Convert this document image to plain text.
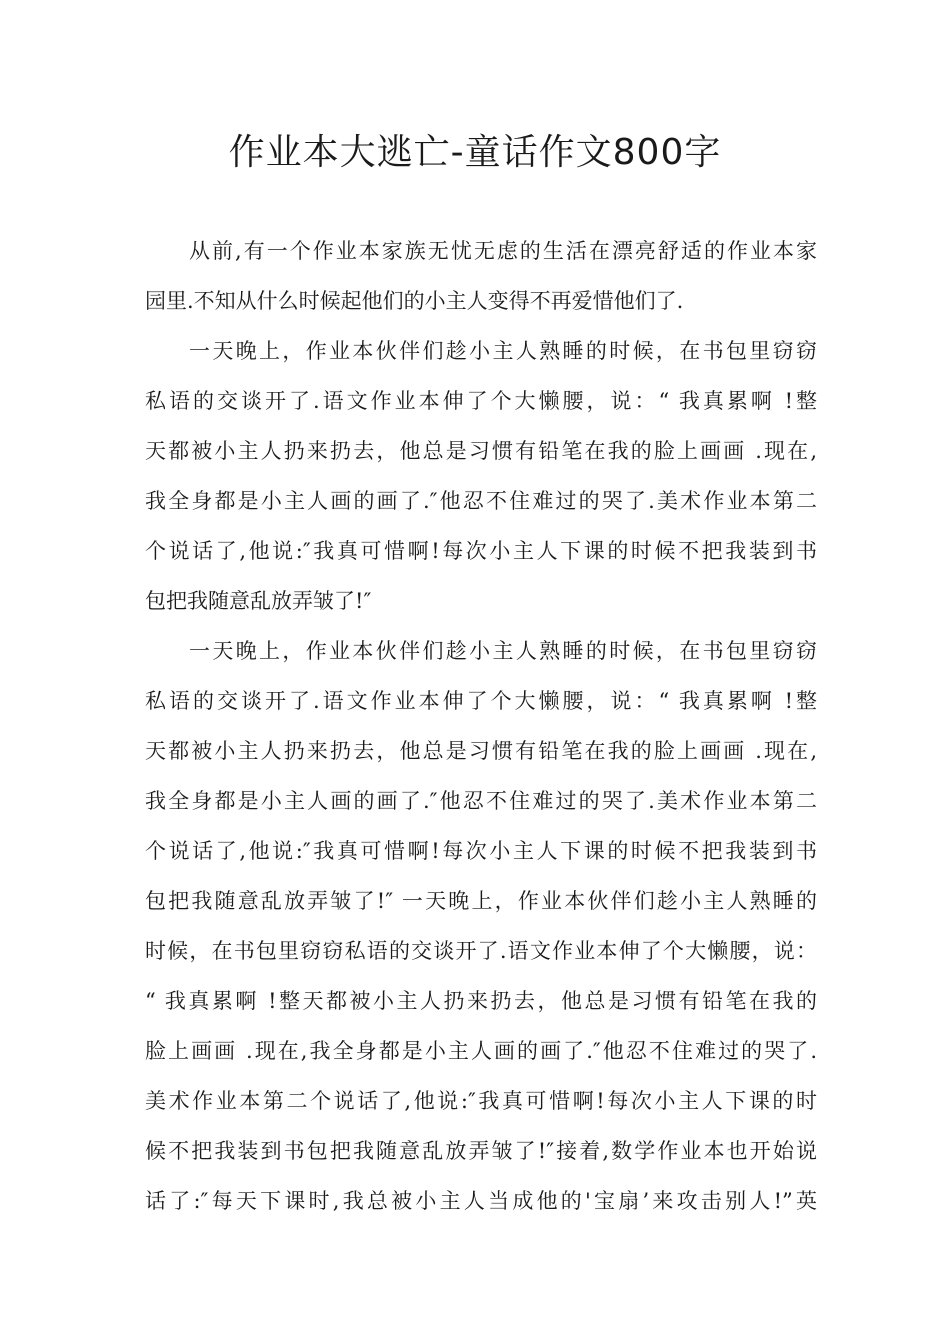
作业本大逃亡-童话作文800字
从前,有一个作业本家族无忧无虑的生活在漂亮舒适的作业本家
园里.不知从什么时候起他们的小主人变得不再爱惜他们了.
一天晚上，作业本伙伴们趁小主人熟睡的时候，在书包里窃窃
私语的交谈开了.语文作业本伸了个大懒腰，说：“ 我真累啊 !整
天都被小主人扔来扔去，他总是习惯有铅笔在我的脸上画画 .现在,
我全身都是小主人画的画了.″他忍不住难过的哭了.美术作业本第二
个说话了,他说:″我真可惜啊!每次小主人下课的时候不把我装到书
包把我随意乱放弄皱了!″
一天晚上，作业本伙伴们趁小主人熟睡的时候，在书包里窃窃
私语的交谈开了.语文作业本伸了个大懒腰，说：“ 我真累啊 !整
天都被小主人扔来扔去，他总是习惯有铅笔在我的脸上画画 .现在,
我全身都是小主人画的画了.″他忍不住难过的哭了.美术作业本第二
个说话了,他说:″我真可惜啊!每次小主人下课的时候不把我装到书
包把我随意乱放弄皱了!″ 一天晚上，作业本伙伴们趁小主人熟睡的
时候，在书包里窃窃私语的交谈开了.语文作业本伸了个大懒腰，说：
“ 我真累啊 !整天都被小主人扔来扔去，他总是习惯有铅笔在我的
脸上画画 .现在,我全身都是小主人画的画了.″他忍不住难过的哭了.
美术作业本第二个说话了,他说:″我真可惜啊!每次小主人下课的时
候不把我装到书包把我随意乱放弄皱了!″接着,数学作业本也开始说
话了:″每天下课时,我总被小主人当成他的'宝扇’来攻击别人!”英
